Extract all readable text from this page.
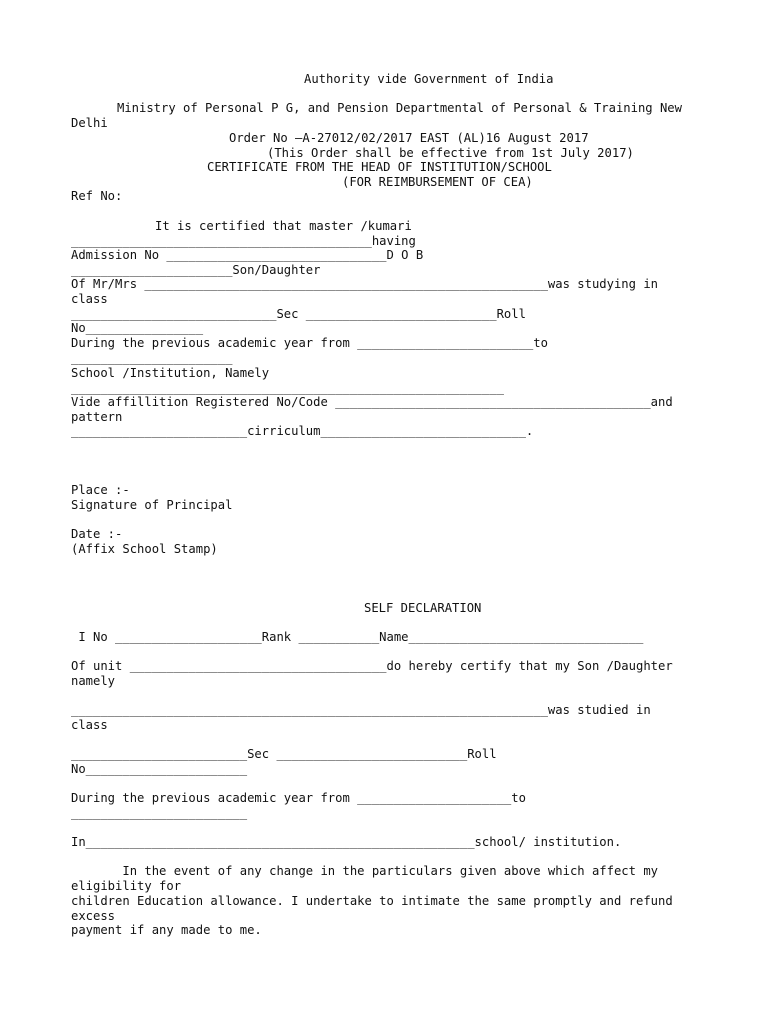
Authority vide Government of India
Ministry of Personal P G, and Pension Departmental of Personal & Training New
Delhi
Order No –A-27012/02/2017 EAST (AL)16 August 2017
(This Order shall be effective from 1st July 2017)
CERTIFICATE FROM THE HEAD OF INSTITUTION/SCHOOL
(FOR REIMBURSEMENT OF CEA)
Ref No:
It is certified that master /kumari
_________________________________________having
Admission No ______________________________D O B
______________________Son/Daughter
Of Mr/Mrs _______________________________________________________was studying in
class
____________________________Sec __________________________Roll
No________________
During the previous academic year from ________________________to
______________________
School /Institution, Namely
___________________________________________________________
Vide affillition Registered No/Code ___________________________________________and
pattern
________________________cirriculum____________________________.
Place :-
Signature of Principal
Date :-
(Affix School Stamp)
SELF DECLARATION
I No ____________________Rank ___________Name________________________________
Of unit ___________________________________do hereby certify that my Son /Daughter
namely
_________________________________________________________________was studied in
class
________________________Sec __________________________Roll
No______________________
During the previous academic year from _____________________to
________________________
In_____________________________________________________school/ institution.
In the event of any change in the particulars given above which affect my
eligibility for
children Education allowance. I undertake to intimate the same promptly and refund
excess
payment if any made to me.
